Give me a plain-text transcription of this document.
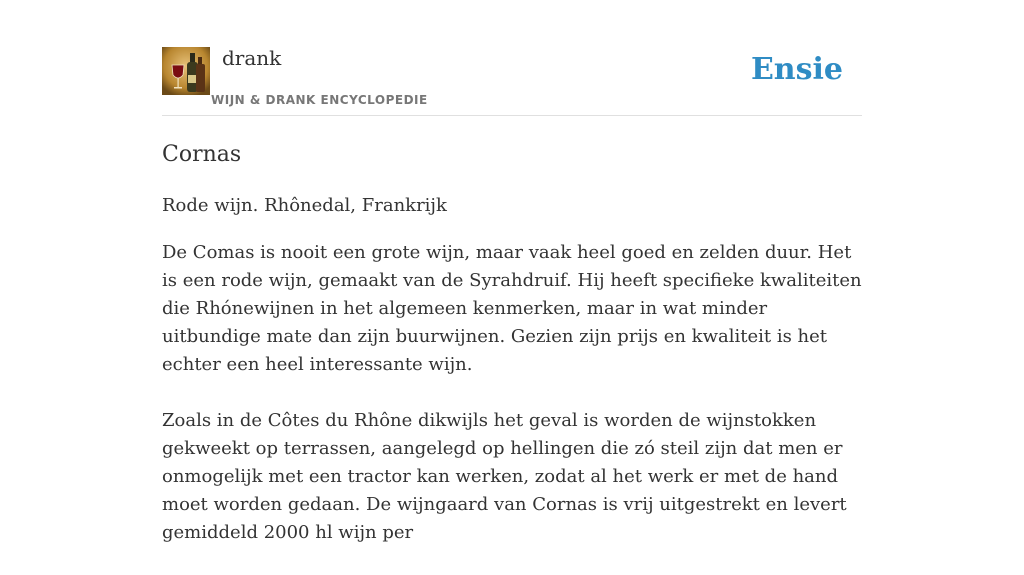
drank
WIJN & DRANK ENCYCLOPEDIE
Ensie
Cornas
Rode wijn. Rhônedal, Frankrijk

De Comas is nooit een grote wijn, maar vaak heel goed en zelden duur. Het is een rode wijn, gemaakt van de Syrahdruif. Hij heeft specifieke kwaliteiten die Rhónewijnen in het algemeen kenmerken, maar in wat minder uitbundige mate dan zijn buurwijnen. Gezien zijn prijs en kwaliteit is het echter een heel interessante wijn.

Zoals in de Côtes du Rhône dikwijls het geval is worden de wijnstokken gekweekt op terrassen, aangelegd op hellingen die zó steil zijn dat men er onmogelijk met een tractor kan werken, zodat al het werk er met de hand moet worden gedaan. De wijngaard van Cornas is vrij uitgestrekt en levert gemiddeld 2000 hl wijn per
